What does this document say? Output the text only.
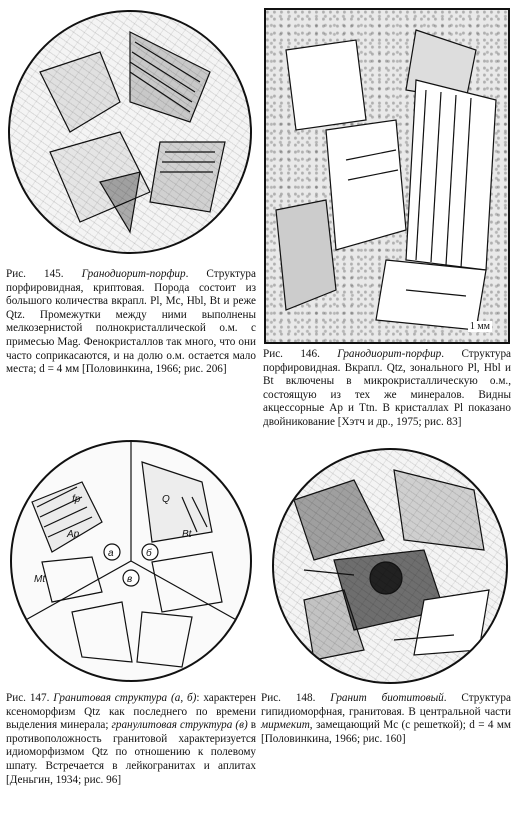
Рис. 145. Гранодиорит-порфир. Структура порфировидная, криптовая. Порода состоит из большого количества вкрапл. Pl, Mc, Hbl, Bt и реже Qtz. Промежутки между ними выполнены мелкозернистой полнокристаллической о.м. с примесью Mag. Фенокристаллов так много, что они часто соприкасаются, и на долю о.м. остается мало места; d = 4 мм [Половинкина, 1966; рис. 206]
1 мм
Рис. 146. Гранодиорит-порфир. Структура порфировидная. Вкрапл. Qtz, зонального Pl, Hbl и Bt включены в микрокристаллическую о.м., состоящую из тех же минералов. Видны акцессорные Ap и Ttn. В кристаллах Pl показано двойникование [Хэтч и др., 1975; рис. 83]
fp	Q
Ap
Mt
Bt
а	б
в
Рис. 147. Гранитовая структура (а, б): характерен ксеноморфизм Qtz как последнего по времени выделения минерала; гранулитовая структура (в) в противоположность гранитовой характеризуется идиоморфизмом Qtz по отношению к полевому шпату. Встречается в лейкогранитах и аплитах [Деньгин, 1934; рис. 96]
Рис. 148. Гранит биотитовый. Структура гипидиоморфная, гранитовая. В центральной части мирмекит, замещающий Mc (с решеткой); d = 4 мм [Половинкина, 1966; рис. 160]
